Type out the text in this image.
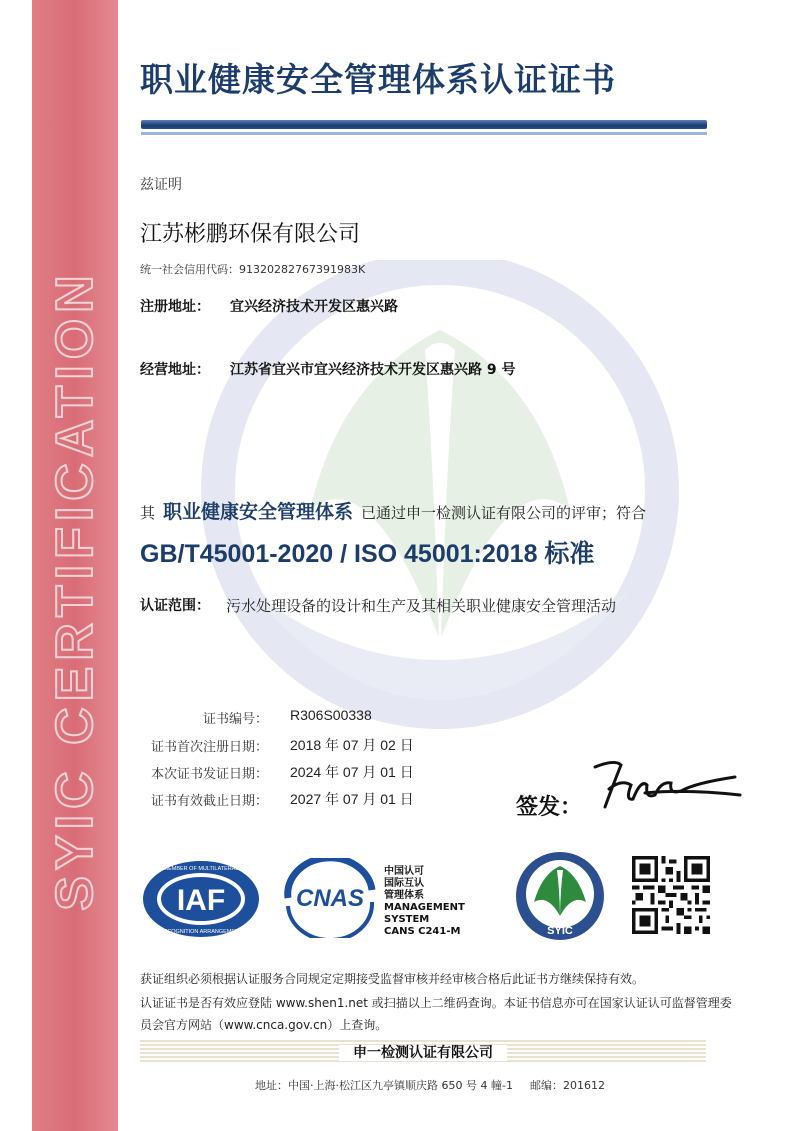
SYIC CERTIFICATION
职业健康安全管理体系认证证书
兹证明
江苏彬鹏环保有限公司
统一社会信用代码：91320282767391983K
注册地址： 宜兴经济技术开发区惠兴路
经营地址： 江苏省宜兴市宜兴经济技术开发区惠兴路 9 号
其 职业健康安全管理体系 已通过申一检测认证有限公司的评审；符合
GB/T45001-2020 / ISO 45001:2018 标准
认证范围： 污水处理设备的设计和生产及其相关职业健康安全管理活动
证书编号： R306S00338
证书首次注册日期： 2018 年 07 月 02 日
本次证书发证日期： 2024 年 07 月 01 日
证书有效截止日期： 2027 年 07 月 01 日	签发：
IAF
MEMBER OF MULTILATERAL
RECOGNITION ARRANGEMENT
CNAS
中国认可
国际互认
管理体系
MANAGEMENT SYSTEM
CANS C241-M	SYIC
获证组织必须根据认证服务合同规定定期接受监督审核并经审核合格后此证书方继续保持有效。
认证证书是否有效应登陆 www.shen1.net 或扫描以上二维码查询。本证书信息亦可在国家认证认可监督管理委
员会官方网站（www.cnca.gov.cn）上查询。
申一检测认证有限公司
地址：中国·上海·松江区九亭镇顺庆路 650 号 4 幢-1 邮编：201612
